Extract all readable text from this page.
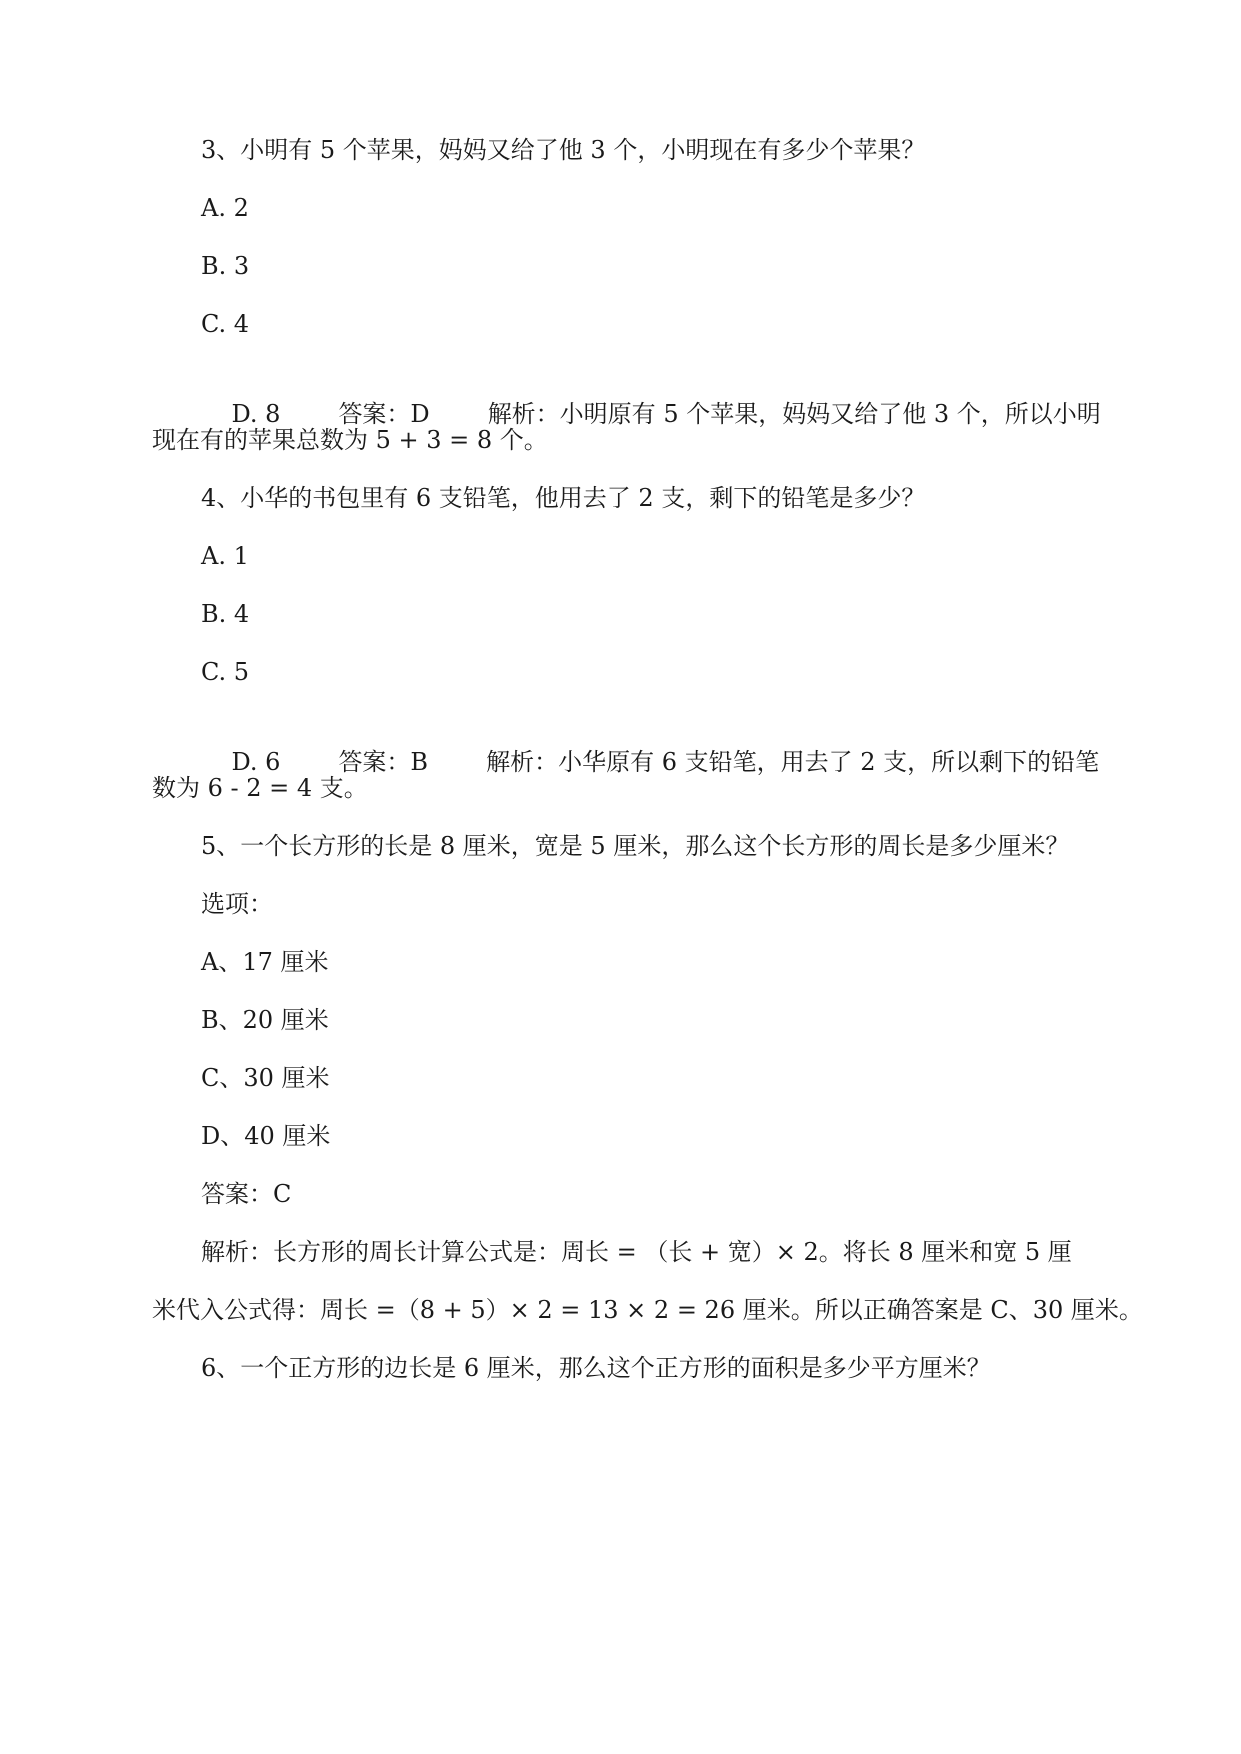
3、小明有 5 个苹果，妈妈又给了他 3 个，小明现在有多少个苹果？
A. 2
B. 3
C. 4

D. 8 答案：D 解析：小明原有 5 个苹果，妈妈又给了他 3 个，所以小明

现在有的苹果总数为 5 + 3 = 8 个。
4、小华的书包里有 6 支铅笔，他用去了 2 支，剩下的铅笔是多少？
A. 1
B. 4
C. 5

D. 6 答案：B 解析：小华原有 6 支铅笔，用去了 2 支，所以剩下的铅笔

数为 6 - 2 = 4 支。
5、一个长方形的长是 8 厘米，宽是 5 厘米，那么这个长方形的周长是多少厘米？
选项：
A、17 厘米
B、20 厘米
C、30 厘米
D、40 厘米
答案：C
解析：长方形的周长计算公式是：周长 = （长 + 宽）× 2。将长 8 厘米和宽 5 厘
米代入公式得：周长 =（8 + 5）× 2 = 13 × 2 = 26 厘米。所以正确答案是 C、30 厘米。
6、一个正方形的边长是 6 厘米，那么这个正方形的面积是多少平方厘米？
